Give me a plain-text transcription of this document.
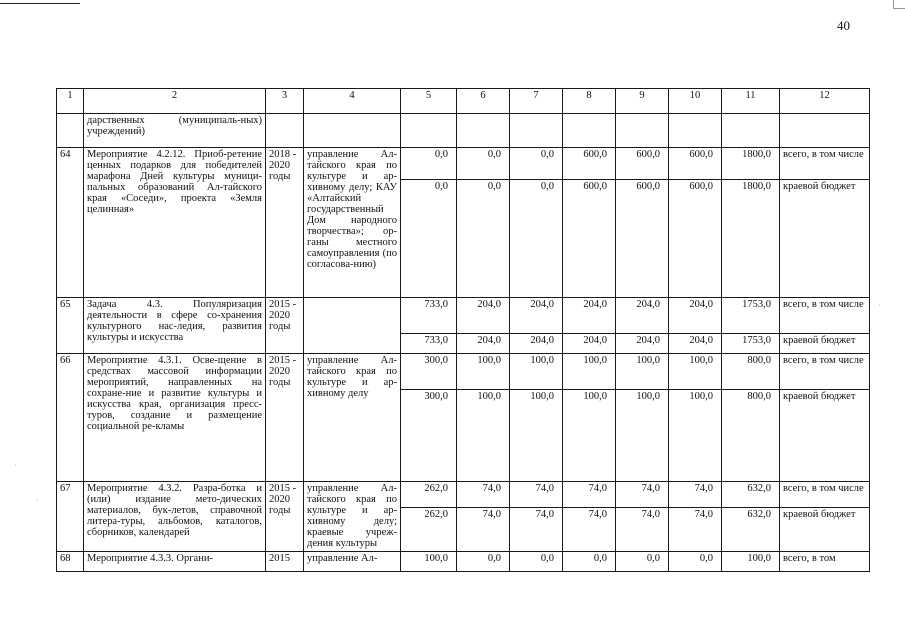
40
1	2	3	4	5	6	7	8	9	10	11	12
	дарственных (муниципаль-ных) учреждений)										
64	Мероприятие 4.2.12. Приоб-ретение ценных подарков для победителей марафона Дней культуры муници-пальных образований Ал-тайского края «Соседи», проекта «Земля целинная»	2018 - 2020 годы	управление Ал-тайского края по культуре и ар-хивному делу; КАУ «Алтайский государственный Дом народного творчества»; ор-ганы местного самоуправления (по согласова-нию)	0,0	0,0	0,0	600,0	600,0	600,0	1800,0	всего, в том числе
				0,0	0,0	0,0	600,0	600,0	600,0	1800,0	краевой бюджет
65	Задача 4.3. Популяризация деятельности в сфере со-хранения культурного нас-ледия, развития культуры и искусства	2015 - 2020 годы		733,0	204,0	204,0	204,0	204,0	204,0	1753,0	всего, в том числе
				733,0	204,0	204,0	204,0	204,0	204,0	1753,0	краевой бюджет
66	Мероприятие 4.3.1. Осве-щение в средствах массовой информации мероприятий, направленных на сохране-ние и развитие культуры и искусства края, организация пресс-туров, создание и размещение социальной ре-кламы	2015 - 2020 годы	управление Ал-тайского края по культуре и ар-хивному делу	300,0	100,0	100,0	100,0	100,0	100,0	800,0	всего, в том числе
				300,0	100,0	100,0	100,0	100,0	100,0	800,0	краевой бюджет
67	Мероприятие 4.3.2. Разра-ботка и (или) издание мето-дических материалов, бук-летов, справочной литера-туры, альбомов, каталогов, сборников, календарей	2015 - 2020 годы	управление Ал-тайского края по культуре и ар-хивному делу; краевые учреж-дения культуры	262,0	74,0	74,0	74,0	74,0	74,0	632,0	всего, в том числе
				262,0	74,0	74,0	74,0	74,0	74,0	632,0	краевой бюджет
68	Мероприятие 4.3.3. Органи-	2015	управление Ал-	100,0	0,0	0,0	0,0	0,0	0,0	100,0	всего, в том
·
·
·
